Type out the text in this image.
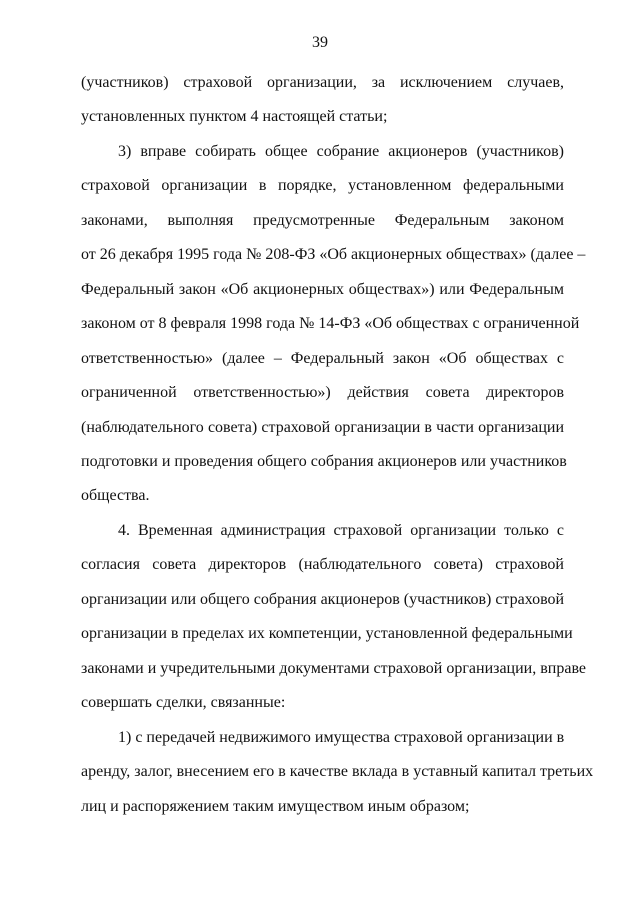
39
(участников) страховой организации, за исключением случаев,
установленных пунктом 4 настоящей статьи;
3) вправе собирать общее собрание акционеров (участников)
страховой организации в порядке, установленном федеральными
законами, выполняя предусмотренные Федеральным законом
от 26 декабря 1995 года № 208-ФЗ «Об акционерных обществах» (далее –
Федеральный закон «Об акционерных обществах») или Федеральным
законом от 8 февраля 1998 года № 14-ФЗ «Об обществах с ограниченной
ответственностью» (далее – Федеральный закон «Об обществах с
ограниченной ответственностью») действия совета директоров
(наблюдательного совета) страховой организации в части организации
подготовки и проведения общего собрания акционеров или участников
общества.
4. Временная администрация страховой организации только с
согласия совета директоров (наблюдательного совета) страховой
организации или общего собрания акционеров (участников) страховой
организации в пределах их компетенции, установленной федеральными
законами и учредительными документами страховой организации, вправе
совершать сделки, связанные:
1) с передачей недвижимого имущества страховой организации в
аренду, залог, внесением его в качестве вклада в уставный капитал третьих
лиц и распоряжением таким имуществом иным образом;
